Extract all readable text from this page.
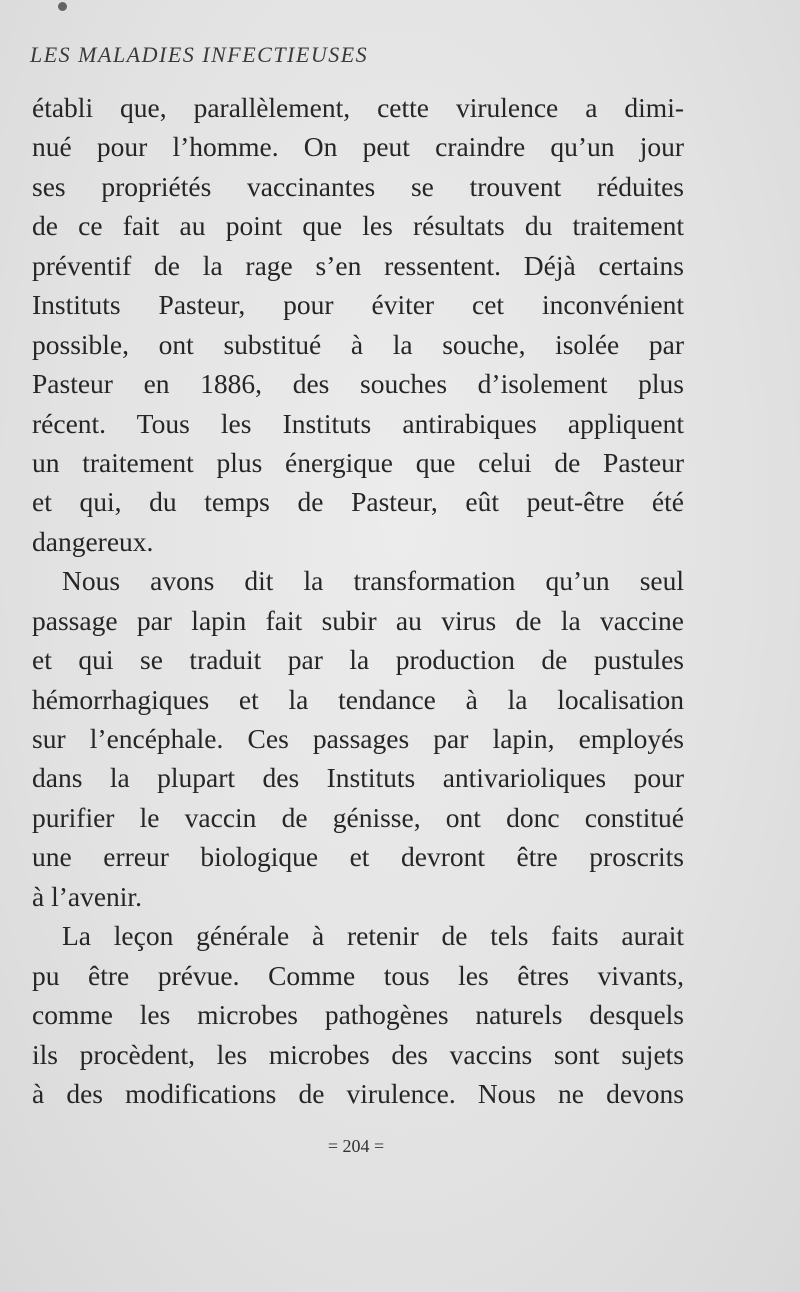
LES MALADIES INFECTIEUSES
établi que, parallèlement, cette virulence a dimi-
nué pour l’homme. On peut craindre qu’un jour
ses propriétés vaccinantes se trouvent réduites
de ce fait au point que les résultats du traitement
préventif de la rage s’en ressentent. Déjà certains
Instituts Pasteur, pour éviter cet inconvénient
possible, ont substitué à la souche, isolée par
Pasteur en 1886, des souches d’isolement plus
récent. Tous les Instituts antirabiques appliquent
un traitement plus énergique que celui de Pasteur
et qui, du temps de Pasteur, eût peut-être été
dangereux.
Nous avons dit la transformation qu’un seul
passage par lapin fait subir au virus de la vaccine
et qui se traduit par la production de pustules
hémorrhagiques et la tendance à la localisation
sur l’encéphale. Ces passages par lapin, employés
dans la plupart des Instituts antivarioliques pour
purifier le vaccin de génisse, ont donc constitué
une erreur biologique et devront être proscrits
à l’avenir.
La leçon générale à retenir de tels faits aurait
pu être prévue. Comme tous les êtres vivants,
comme les microbes pathogènes naturels desquels
ils procèdent, les microbes des vaccins sont sujets
à des modifications de virulence. Nous ne devons
= 204 =
